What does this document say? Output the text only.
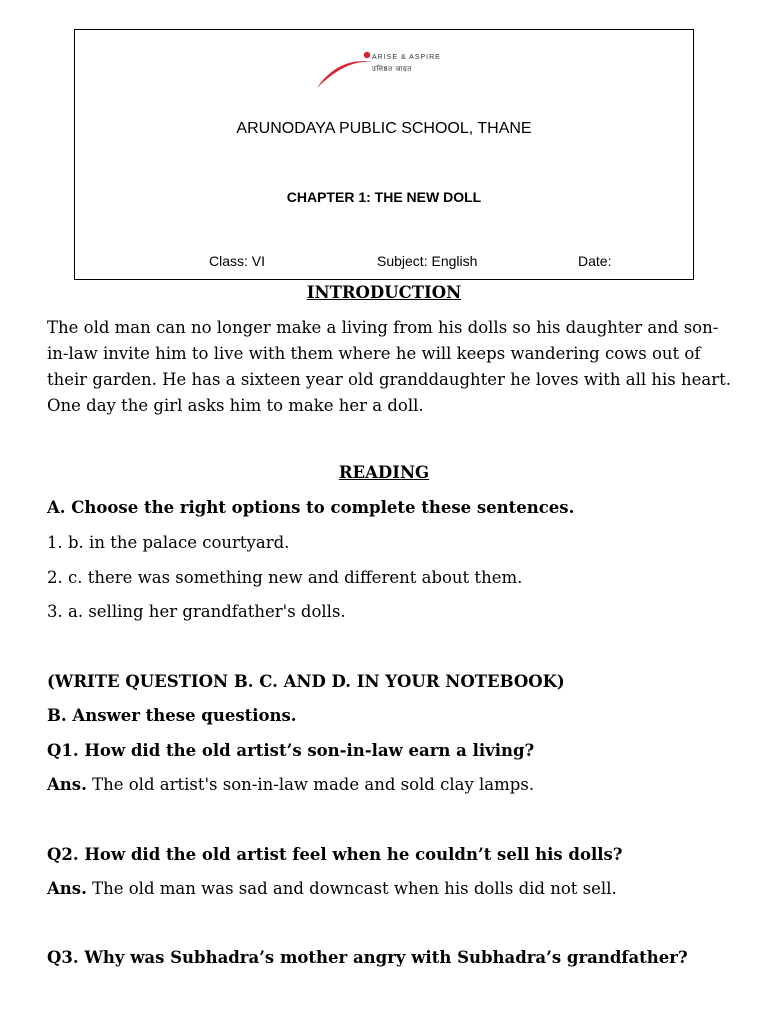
ARISE & ASPIRE
उत्तिष्ठत जाग्रत
ARUNODAYA PUBLIC SCHOOL, THANE
CHAPTER 1: THE NEW DOLL
Class: VI	Subject: English	Date:
INTRODUCTION
The old man can no longer make a living from his dolls so his daughter and son-in-law invite him to live with them where he will keeps wandering cows out of their garden. He has a sixteen year old granddaughter he loves with all his heart. One day the girl asks him to make her a doll.
READING
A. Choose the right options to complete these sentences.
1. b. in the palace courtyard.
2. c. there was something new and different about them.
3. a. selling her grandfather's dolls.
(WRITE QUESTION B. C. AND D. IN YOUR NOTEBOOK)
B. Answer these questions.
Q1. How did the old artist’s son-in-law earn a living?
Ans. The old artist's son-in-law made and sold clay lamps.
Q2. How did the old artist feel when he couldn’t sell his dolls?
Ans. The old man was sad and downcast when his dolls did not sell.
Q3. Why was Subhadra’s mother angry with Subhadra’s grandfather?
